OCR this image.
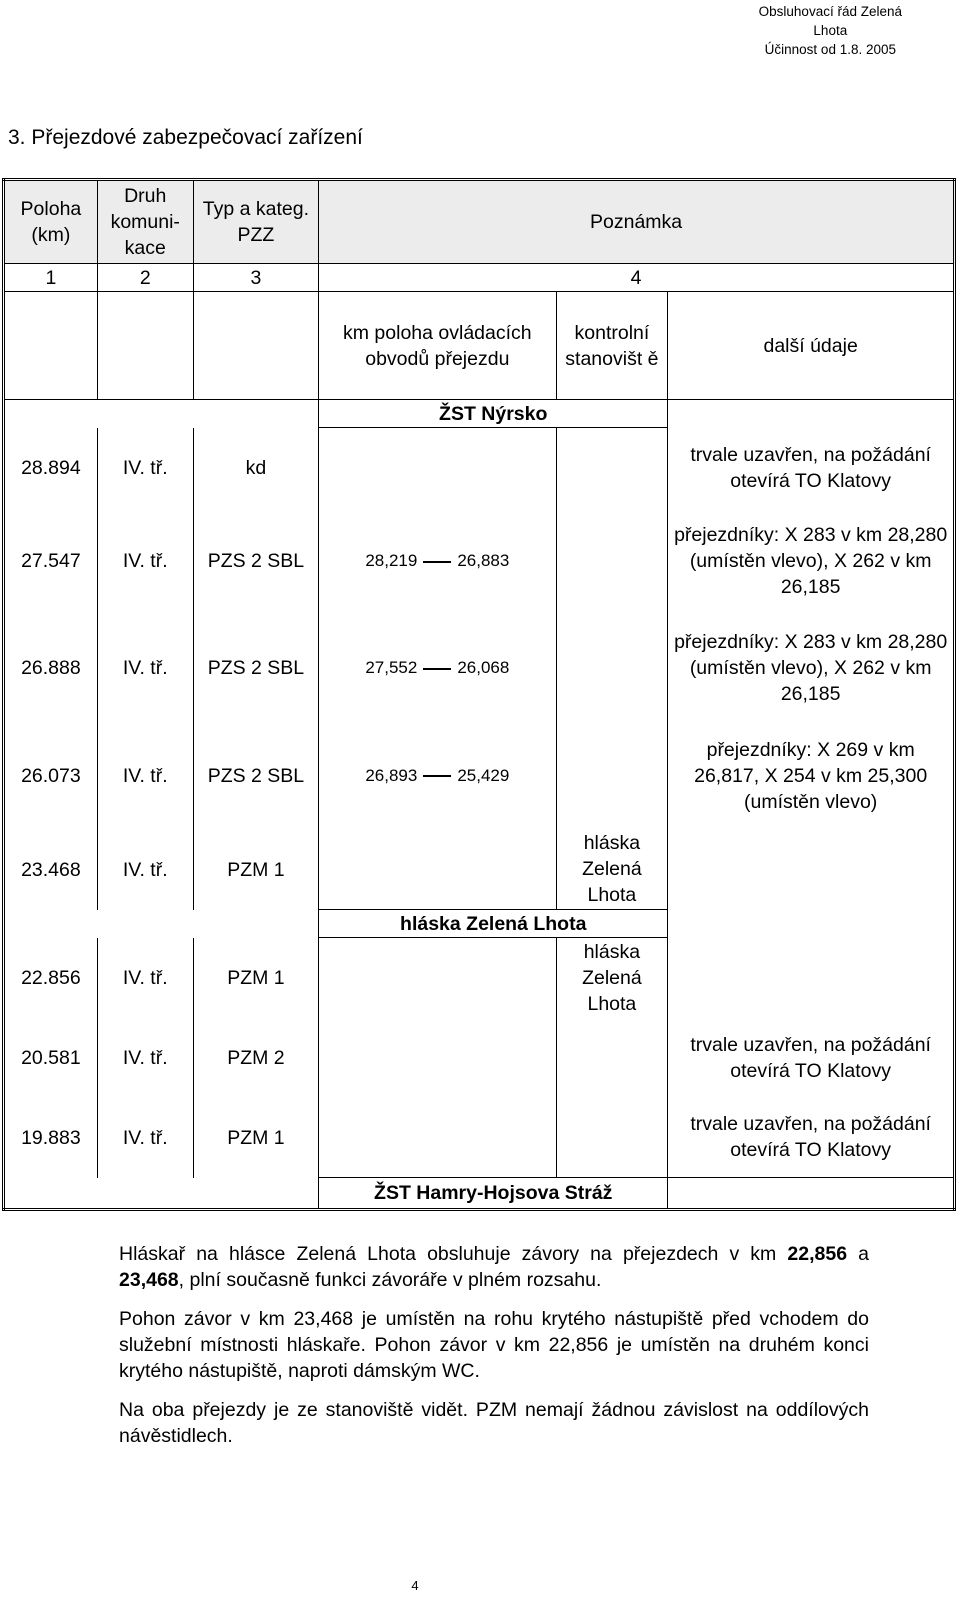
Obsluhovací řád Zelená
Lhota
Účinnost od 1.8. 2005
3. Přejezdové zabezpečovací zařízení
Poloha (km)	Druh komuni-kace	Typ a kateg. PZZ	Poznámka		
1	2	3	4		
			km poloha ovládacích obvodů přejezdu	kontrolní stanovišt ě	další údaje
			ŽST Nýrsko		
28.894	IV. tř.	kd			trvale uzavřen, na požádání otevírá TO Klatovy
27.547	IV. tř.	PZS 2 SBL	28,219 26,883		přejezdníky: X 283 v km 28,280 (umístěn vlevo), X 262 v km 26,185
26.888	IV. tř.	PZS 2 SBL	27,552 26,068		přejezdníky: X 283 v km 28,280 (umístěn vlevo), X 262 v km 26,185
26.073	IV. tř.	PZS 2 SBL	26,893 25,429		přejezdníky: X 269 v km 26,817, X 254 v km 25,300 (umístěn vlevo)
23.468	IV. tř.	PZM 1		hláska Zelená Lhota	
			hláska Zelená Lhota		
22.856	IV. tř.	PZM 1		hláska Zelená Lhota	
20.581	IV. tř.	PZM 2			trvale uzavřen, na požádání otevírá TO Klatovy
19.883	IV. tř.	PZM 1			trvale uzavřen, na požádání otevírá TO Klatovy
			ŽST Hamry-Hojsova Stráž		

Hláskař na hlásce Zelená Lhota obsluhuje závory na přejezdech v km 22,856 a 23,468, plní současně funkci závoráře v plném rozsahu.

Pohon závor v km 23,468 je umístěn na rohu krytého nástupiště před vchodem do služební místnosti hláskaře. Pohon závor v km 22,856 je umístěn na druhém konci krytého nástupiště, naproti dámským WC.

Na oba přejezdy je ze stanoviště vidět. PZM nemají žádnou závislost na oddílových návěstidlech.

4
